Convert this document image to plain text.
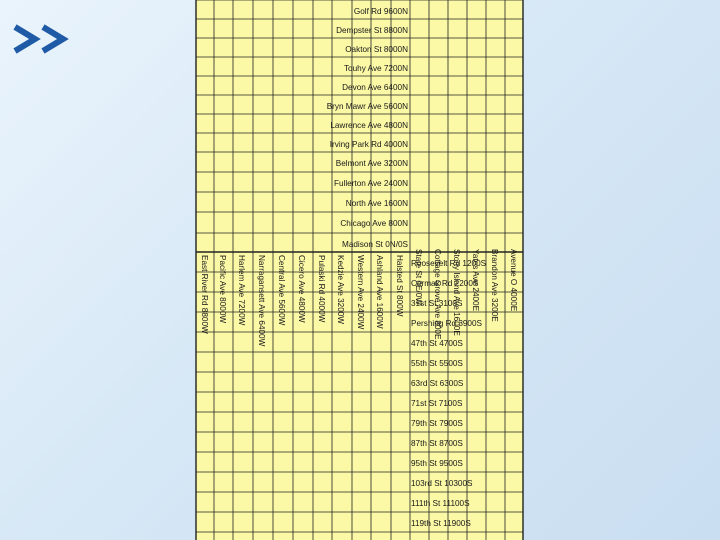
Golf Rd 9600N
Dempster St 8800N
Oakton St 8000N
Touhy Ave 7200N
Devon Ave 6400N
Bryn Mawr Ave 5600N
Lawrence Ave 4800N
Irving Park Rd 4000N
Belmont Ave 3200N
Fullerton Ave 2400N
North Ave 1600N
Chicago Ave 800N
Madison St 0N/0S
Roosevelt Rd 1200S
Cermak Rd 2200S
31st St 3100S
Pershing Rd 3900S
47th St 4700S
55th St 5500S
63rd St 6300S
71st St 7100S
79th St 7900S
87th St 8700S
95th St 9500S
103rd St 10300S
111th St 11100S
119th St 11900S
State St 0E/0W Cottage Grove Ave 800E Stony Island Ave 1600E Yates Ave 2400E Brandon Ave 3200E Avenue O 4000E
Halsted St 800W
Ashland Ave 1600W
Western Ave 2400W
Kedzie Ave 3200W
Pulaski Rd 4000W
Cicero Ave 4800W
Central Ave 5600W
Narragansett Ave 6400W
Harlem Ave 7200W
Pacific Ave 8000W
East River Rd 8800W
